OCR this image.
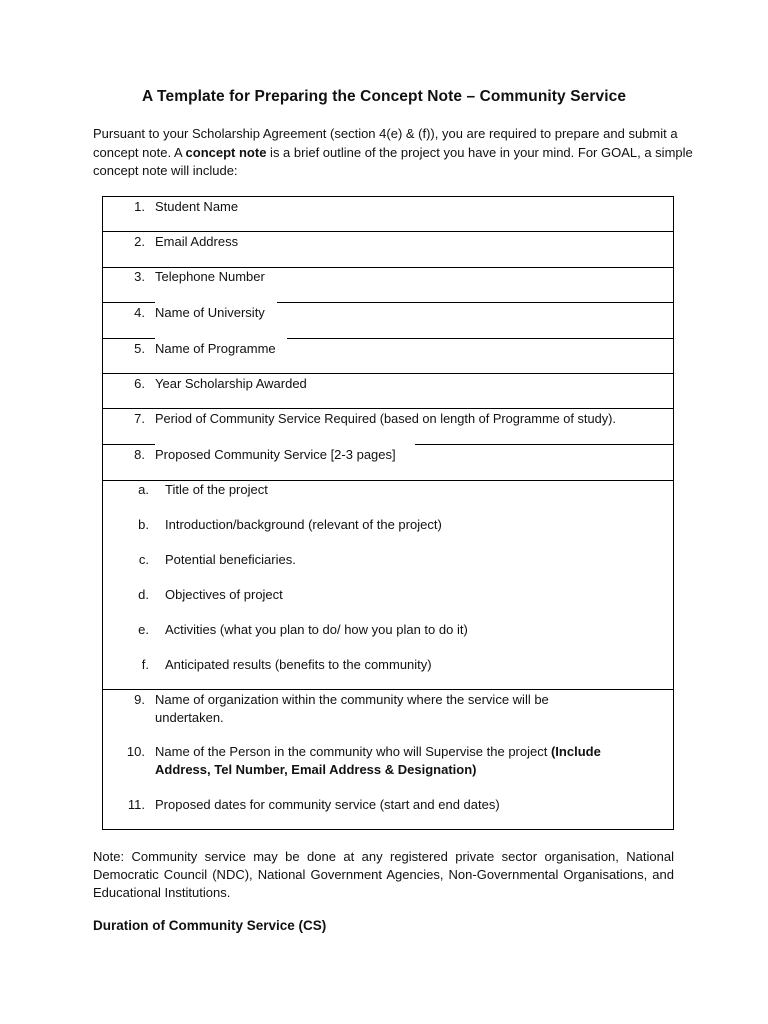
A Template for Preparing the Concept Note – Community Service
Pursuant to your Scholarship Agreement (section 4(e) & (f)), you are required to prepare and submit a concept note. A concept note is a brief outline of the project you have in your mind. For GOAL, a simple concept note will include:
1. Student Name
2. Email Address
3. Telephone Number
4. Name of University
5. Name of Programme
6. Year Scholarship Awarded
7. Period of Community Service Required (based on length of Programme of study).
8. Proposed Community Service [2-3 pages]
a. Title of the project
b. Introduction/background (relevant of the project)
c. Potential beneficiaries.
d. Objectives of project
e. Activities (what you plan to do/ how you plan to do it)
f. Anticipated results (benefits to the community)
9. Name of organization within the community where the service will be
undertaken.
10. Name of the Person in the community who will Supervise the project (Include
Address, Tel Number, Email Address & Designation)
11. Proposed dates for community service (start and end dates)
Note: Community service may be done at any registered private sector organisation, National Democratic Council (NDC), National Government Agencies, Non-Governmental Organisations, and Educational Institutions.
Duration of Community Service (CS)
